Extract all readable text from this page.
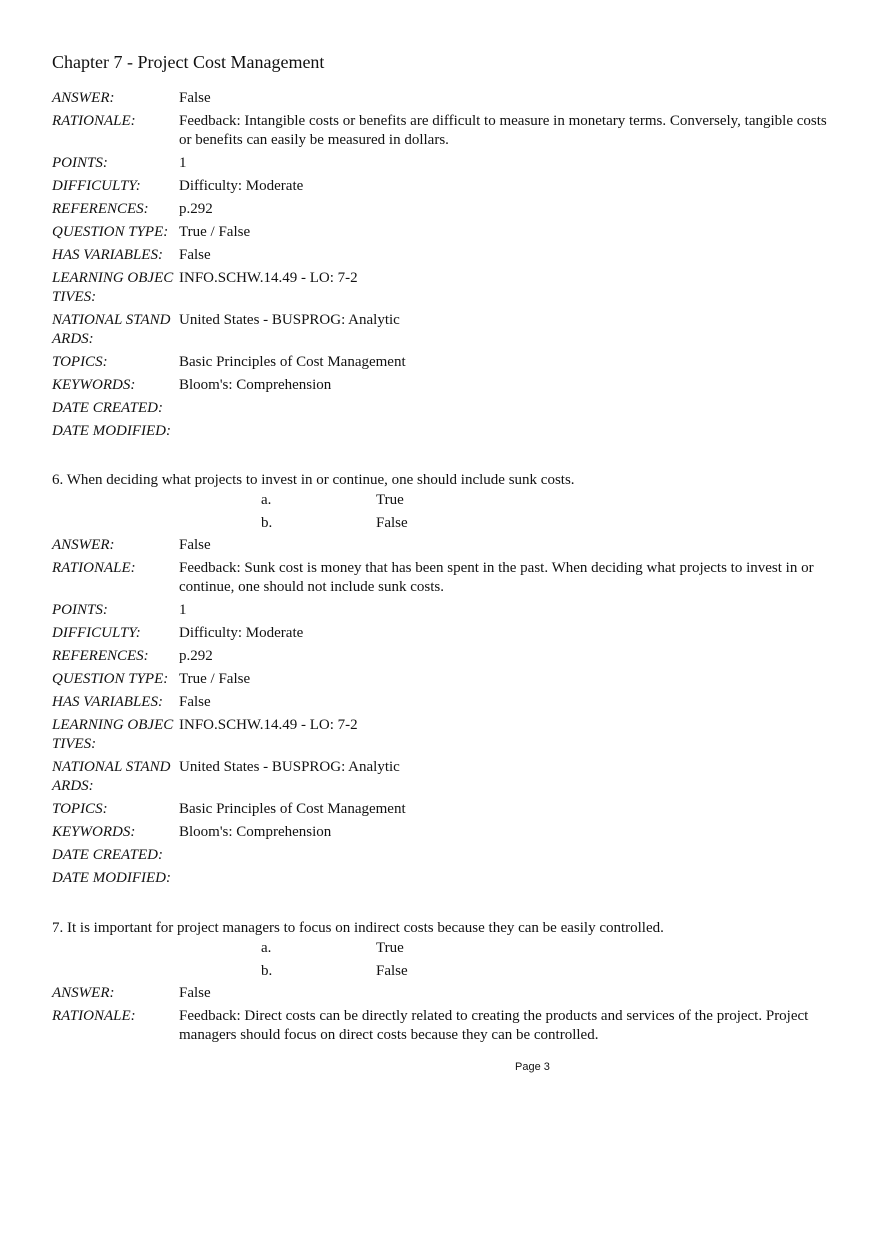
Chapter 7 - Project Cost Management
ANSWER:	False
RATIONALE:	Feedback: Intangible costs or benefits are difficult to measure in monetary terms. Conversely, tangible costs or benefits can easily be measured in dollars.
POINTS:	1
DIFFICULTY:	Difficulty: Moderate
REFERENCES:	p.292
QUESTION TYPE: True / False
HAS VARIABLES:	False
LEARNING OBJECTIVES:
INFO.SCHW.14.49 - LO: 7-2
NATIONAL STANDARDS:
United States - BUSPROG: Analytic
TOPICS:	Basic Principles of Cost Management
KEYWORDS:	Bloom's: Comprehension
DATE CREATED:
DATE MODIFIED:
6. When deciding what projects to invest in or continue, one should include sunk costs.
a.	True
b.	False
ANSWER:	False
RATIONALE:	Feedback: Sunk cost is money that has been spent in the past. When deciding what projects to invest in or continue, one should not include sunk costs.
POINTS:	1
DIFFICULTY:	Difficulty: Moderate
REFERENCES:	p.292
QUESTION TYPE: True / False
HAS VARIABLES:	False
LEARNING OBJECTIVES:
INFO.SCHW.14.49 - LO: 7-2
NATIONAL STANDARDS:
United States - BUSPROG: Analytic
TOPICS:	Basic Principles of Cost Management
KEYWORDS:	Bloom's: Comprehension
DATE CREATED:
DATE MODIFIED:
7. It is important for project managers to focus on indirect costs because they can be easily controlled.
a.	True
b.	False
ANSWER:	False
RATIONALE:	Feedback: Direct costs can be directly related to creating the products and services of the project. Project managers should focus on direct costs because they can be controlled.
Page 3
